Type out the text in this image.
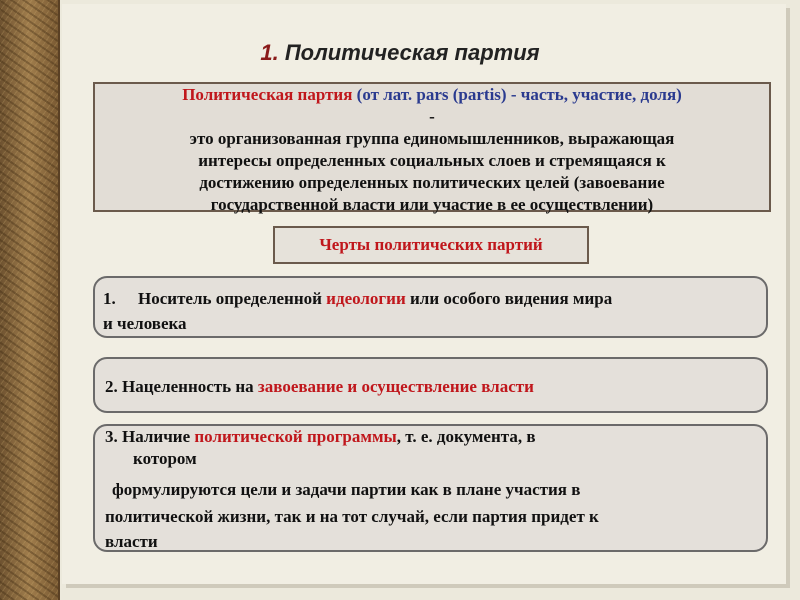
1. Политическая партия
Политическая партия (от лат. pars (partis) - часть, участие, доля)
-
это организованная группа единомышленников, выражающая
интересы определенных социальных слоев и стремящаяся к
достижению определенных политических целей (завоевание
государственной власти или участие в ее осуществлении)
Черты политических партий
1. Носитель определенной идеологии или особого видения мира
и человека
2. Нацеленность на завоевание и осуществление власти
3. Наличие политической программы, т. е. документа, в
котором
формулируются цели и задачи партии как в плане участия в
политической жизни, так и на тот случай, если партия придет к
власти
